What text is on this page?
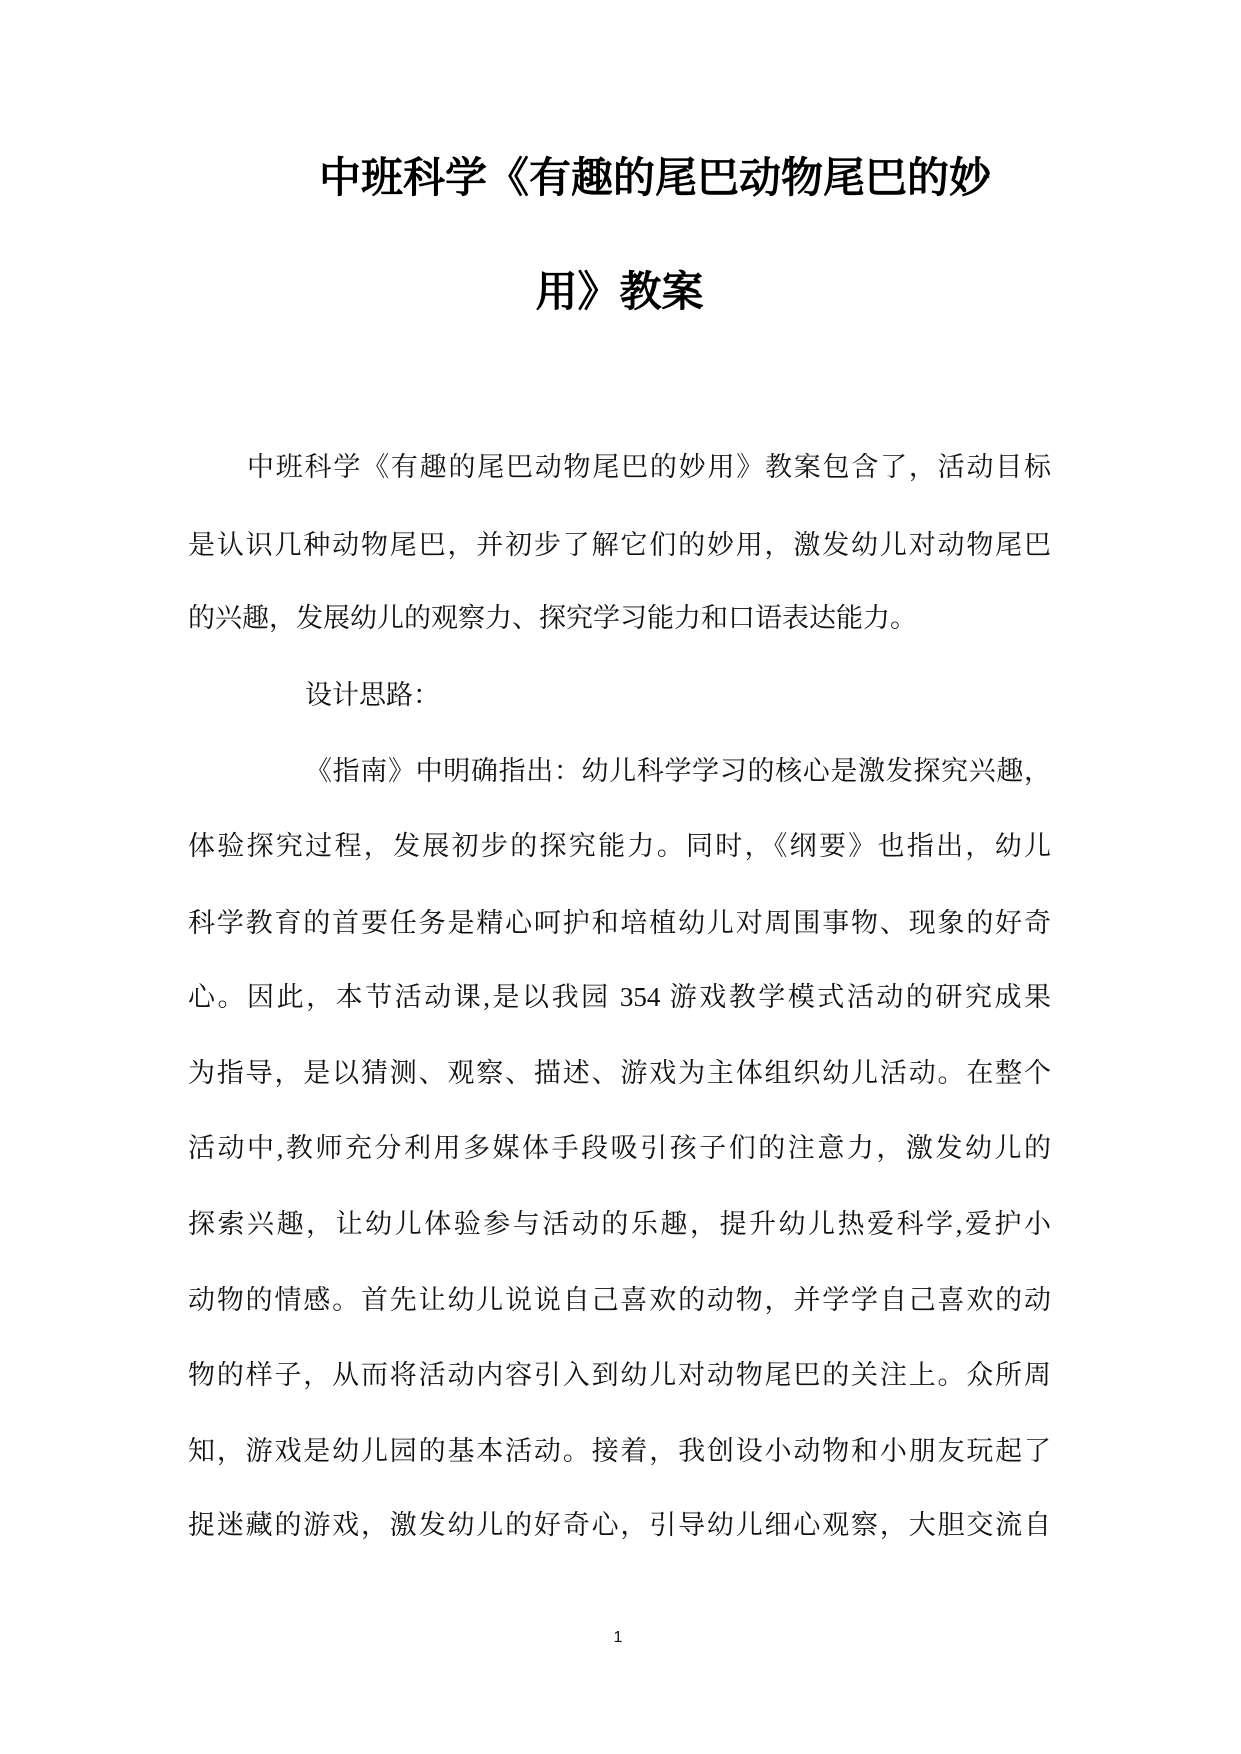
中班科学《有趣的尾巴动物尾巴的妙
用》教案
中班科学《有趣的尾巴动物尾巴的妙用》教案包含了，活动目标
是认识几种动物尾巴，并初步了解它们的妙用，激发幼儿对动物尾巴
的兴趣，发展幼儿的观察力、探究学习能力和口语表达能力。
设计思路：
《指南》中明确指出：幼儿科学学习的核心是激发探究兴趣，
体验探究过程，发展初步的探究能力。同时，《纲要》也指出，幼儿
科学教育的首要任务是精心呵护和培植幼儿对周围事物、现象的好奇
心。因此，本节活动课,是以我园 354 游戏教学模式活动的研究成果
为指导，是以猜测、观察、描述、游戏为主体组织幼儿活动。在整个
活动中,教师充分利用多媒体手段吸引孩子们的注意力，激发幼儿的
探索兴趣，让幼儿体验参与活动的乐趣，提升幼儿热爱科学,爱护小
动物的情感。首先让幼儿说说自己喜欢的动物，并学学自己喜欢的动
物的样子，从而将活动内容引入到幼儿对动物尾巴的关注上。众所周
知，游戏是幼儿园的基本活动。接着，我创设小动物和小朋友玩起了
捉迷藏的游戏，激发幼儿的好奇心，引导幼儿细心观察，大胆交流自
1
